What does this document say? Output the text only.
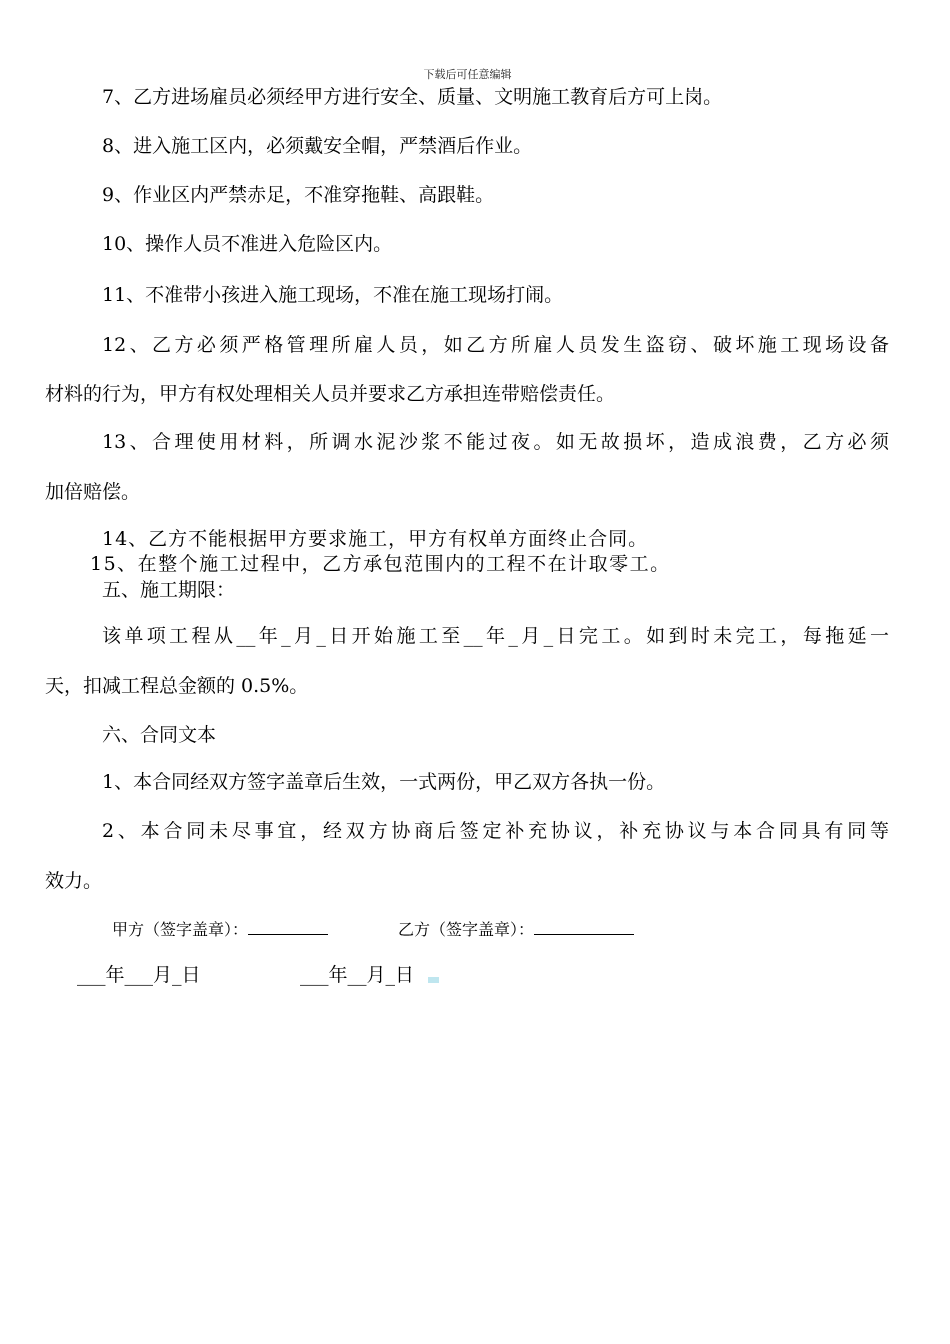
下载后可任意编辑
7、乙方进场雇员必须经甲方进行安全、质量、文明施工教育后方可上岗。
8、进入施工区内，必须戴安全帽，严禁酒后作业。
9、作业区内严禁赤足，不准穿拖鞋、高跟鞋。
10、操作人员不准进入危险区内。
11、不准带小孩进入施工现场，不准在施工现场打闹。
12、乙方必须严格管理所雇人员，如乙方所雇人员发生盗窃、破坏施工现场设备
材料的行为，甲方有权处理相关人员并要求乙方承担连带赔偿责任。
13、合理使用材料，所调水泥沙浆不能过夜。如无故损坏，造成浪费，乙方必须
加倍赔偿。
14、乙方不能根据甲方要求施工，甲方有权单方面终止合同。
15、在整个施工过程中，乙方承包范围内的工程不在计取零工。
五、施工期限：
该单项工程从__年_月_日开始施工至__年_月_日完工。如到时未完工，每拖延一
天，扣减工程总金额的 0.5%。
六、合同文本
1、本合同经双方签字盖章后生效，一式两份，甲乙双方各执一份。
2、本合同未尽事宜，经双方协商后签定补充协议，补充协议与本合同具有同等
效力。
甲方（签字盖章）：	乙方（签字盖章）：
___年___月_日	___年__月_日
